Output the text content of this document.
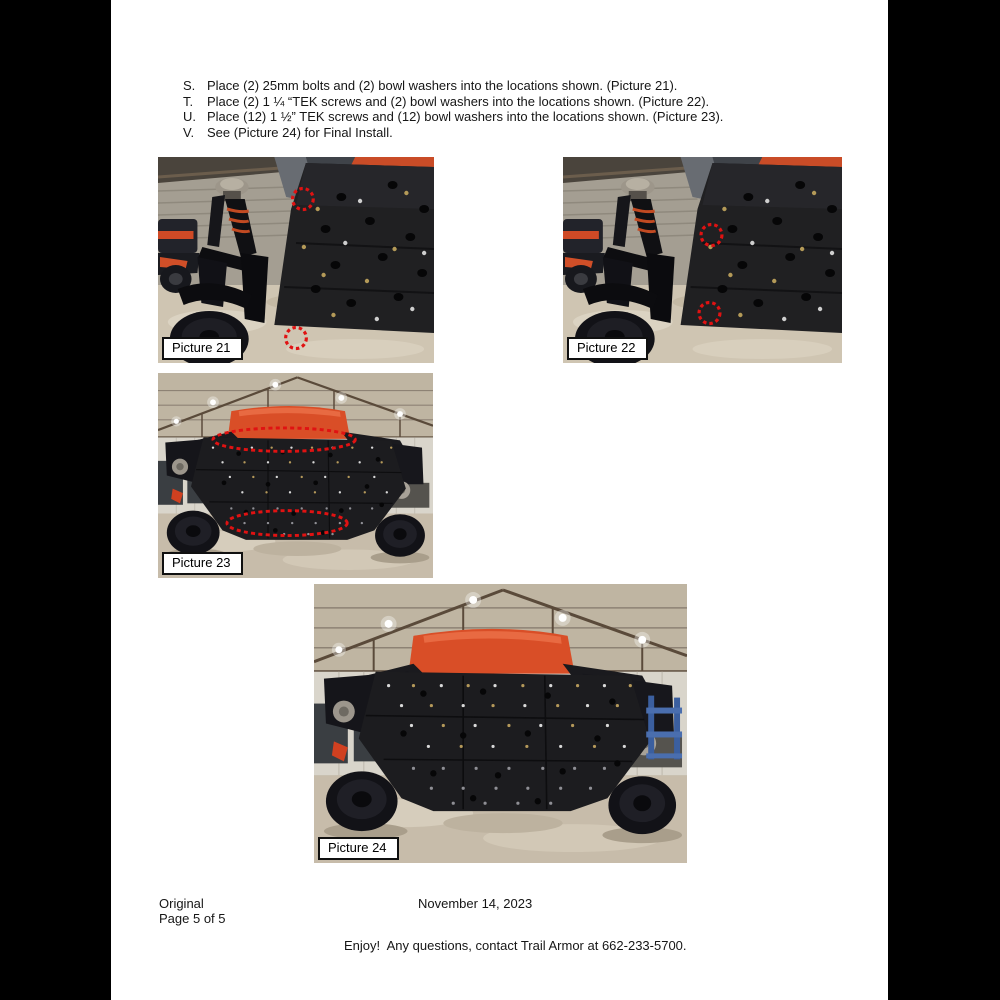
S. Place (2) 25mm bolts and (2) bowl washers into the locations shown. (Picture 21).
T.	Place (2) 1 ¼ “TEK screws and (2) bowl washers into the locations shown. (Picture 22).
U. Place (12) 1 ½” TEK screws and (12) bowl washers into the locations shown. (Picture 23).
V. See (Picture 24) for Final Install.
Picture 21	Picture 22
Picture 23
Picture 24
Original
Page 5 of 5
November 14, 2023
Enjoy!  Any questions, contact Trail Armor at 662-233-5700.
